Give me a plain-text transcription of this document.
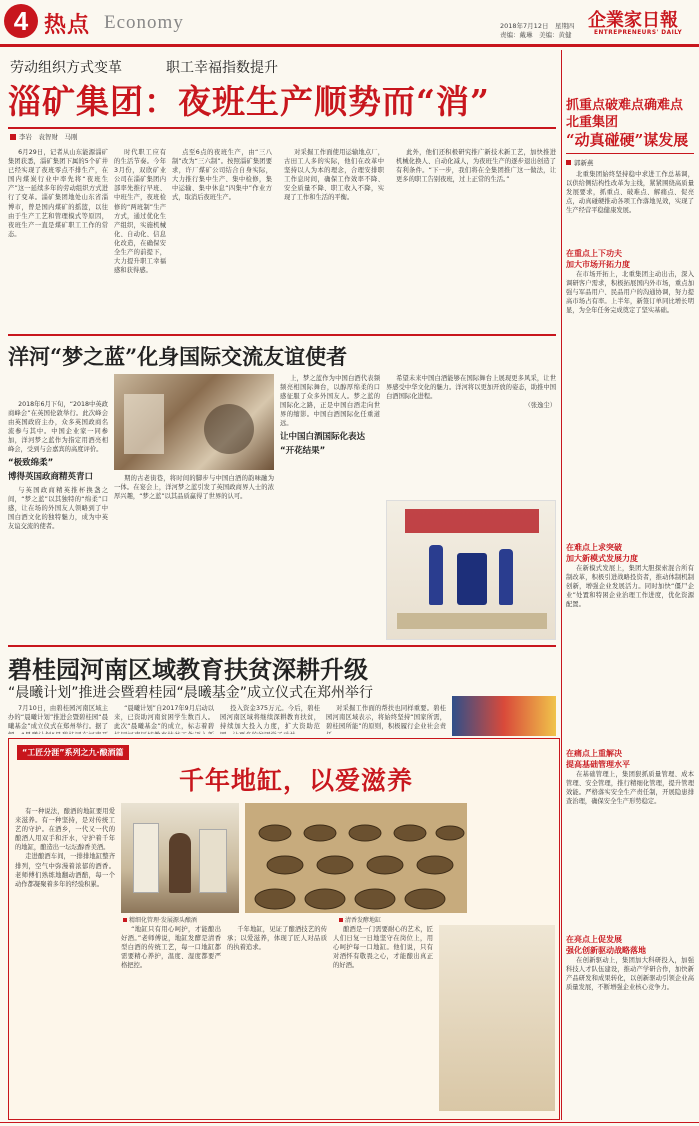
4 热点 Economy	2018年7月12日　星期四
责编：戴琳　美编：黄健
企業家日報
ENTREPRENEURS' DAILY
劳动组织方式变革	职工幸福指数提升
淄矿集团：夜班生产顺势而“消”
李岩　袁智财　马刚

6月29日，记者从山东能源淄矿集团获悉，淄矿集团下属的5个矿井已经实现了夜班零点不排生产，在国内煤炭行业中率先将“夜班生产”这一延续多年的劳动组织方式进行了变革。淄矿集团地处山东省淄博市，曾是国内煤矿的摇篮，以往由于生产工艺和管理模式等原因，夜班生产一直是煤矿职工工作的常态。

时代职工应有的生活节奏。今年3月份，双欣矿业公司在淄矿集团内部率先推行早班、中班生产，夜班检修的“两班制”生产方式，通过优化生产组织，实施机械化、自动化、信息化改造，在确保安全生产的前提下，大力提升职工幸福感和获得感。

点至6点的夜班生产，由“三八制”改为“三六制”。按照淄矿集团要求，许厂煤矿公司结合自身实际，大力推行集中生产、集中检修，集中运输、集中休息“四集中”作业方式，取消后夜班生产。

对采掘工作面使用运输地点厂，古田工人多的实际，他们在改革中坚持以人为本的理念，合理安排职工作息时间，确保工作效率不降、安全质量不降、职工收入不降，实现了工作和生活的平衡。

此外，他们还积极研究推广新技术新工艺，加快推进机械化换人、自动化减人，为夜班生产的逐步退出创造了有利条件。“下一步，我们将在全集团推广这一做法，让更多的职工告别夜班，过上正常的生活。”

抓重点破难点确难点
北重集团
“动真碰硬”谋发展
郭新燕

北重集团始终坚持稳中求进工作总基调，以供给侧结构性改革为主线，紧紧围绕高质量发展要求，抓重点、破难点、解痛点、促亮点，动真碰硬推动各项工作落地见效，实现了生产经营平稳健康发展。

在重点上下功夫
加大市场开拓力度

在市场开拓上，北重集团主动出击，深入调研客户需求，积极拓展国内外市场，重点加强与军品用户、民品用户的沟通协调，努力提高市场占有率。上半年，新签订单同比增长明显，为全年任务完成奠定了坚实基础。

在难点上求突破
加大新模式发展力度

在新模式发展上，集团大胆探索混合所有制改革，积极引进战略投资者，推动体制机制创新，增强企业发展活力。同时加快“僵尸企业”处置和特困企业治理工作进度，优化资源配置。

在痛点上重解决
提高基础管理水平

在基础管理上，集团狠抓质量管理、成本管理、安全管理，推行精细化管理，提升管理效能。严格落实安全生产责任制，开展隐患排查治理，确保安全生产形势稳定。

在亮点上促发展
强化创新驱动战略落地

在创新驱动上，集团加大科研投入，加强科技人才队伍建设，推动产学研合作，加快新产品研发和成果转化，以创新驱动引领企业高质量发展，不断增强企业核心竞争力。

洋河“梦之蓝”化身国际交流友谊使者

2018年6月下旬，“2018中英政商峰会”在英国伦敦举行。此次峰会由英国政府主办，众多英国政商名流参与其中。中国企业家一同参加，洋河梦之蓝作为指定用酒亮相峰会，受到与会嘉宾的高度评价。

“极致绵柔”
博得英国政商精英青口

与英国政商精英推杯换盏之间，“梦之蓝”以其独特的“绵柔”口感，让在场的外国友人领略到了中国白酒文化的独特魅力，成为中英友谊交流的使者。

期的古老街巷，将时间的脚步与中国白酒的韵味融为一体。在宴会上，洋河梦之蓝引发了英国政商界人士的浓厚兴趣，“梦之蓝”以其品质赢得了世界的认可。

上，梦之蓝作为中国白酒代表频频亮相国际舞台，以醇厚绵柔的口感征服了众多外国友人。梦之蓝的国际化之路，正是中国白酒走向世界的缩影。中国白酒国际化任重道远。

让中国白酒国际化表达
“开花结果”

希望未来中国白酒能够在国际舞台上展现更多风采，让世界感受中华文化的魅力。洋河将以更加开放的姿态，助推中国白酒国际化进程。

（张逸尘）
碧桂园河南区域教育扶贫深耕升级
“晨曦计划”推进会暨碧桂园“晨曦基金”成立仪式在郑州举行

7月10日，由碧桂园河南区域主办的“晨曦计划”推进会暨碧桂园“晨曦基金”成立仪式在郑州举行。据了

“晨曦计划”自2017年9月启动以来，已资助河南贫困学生数百人。此次“晨曦基金”的成立，标志着碧

投入资金375万元。今后，碧桂园河南区域将继续深耕教育扶贫，持续加大投入力度，扩大资助范

对采掘工作面的帮扶也同样重要。碧桂园河南区域表示，将始终坚持“国家所需，碧桂园所能”的原则，积极履行企业社会责

“工匠分涯”系列之九·酿酒篇
千年地缸，以爱滋养

有一种说法，酿酒的地缸要用爱来滋养。有一种坚持，是对传统工艺的守护。在酒乡，一代又一代的酿酒人用双手和汗水，守护着千年的地缸，酿造出一坛坛醇香美酒。

走进酿酒车间，一排排地缸整齐排列，空气中弥漫着浓郁的酒香。老师傅们熟练地翻动酒醅，每一个动作都凝聚着多年的经验积累。

精细化管理·发展源头酿酒	清香发酵地缸

“地缸只有用心呵护，才能酿出好酒。”老师傅说，地缸发酵是清香型白酒的传统工艺，每一口地缸都需要精心养护，温度、湿度都要严格把控。

千年地缸，见证了酿酒技艺的传承；以爱滋养，体现了匠人对品质的执着追求。

酿酒是一门需要耐心的艺术，匠人们日复一日地坚守在岗位上，用心呵护每一口地缸。他们说，只有对酒怀有敬畏之心，才能酿出真正的好酒。
